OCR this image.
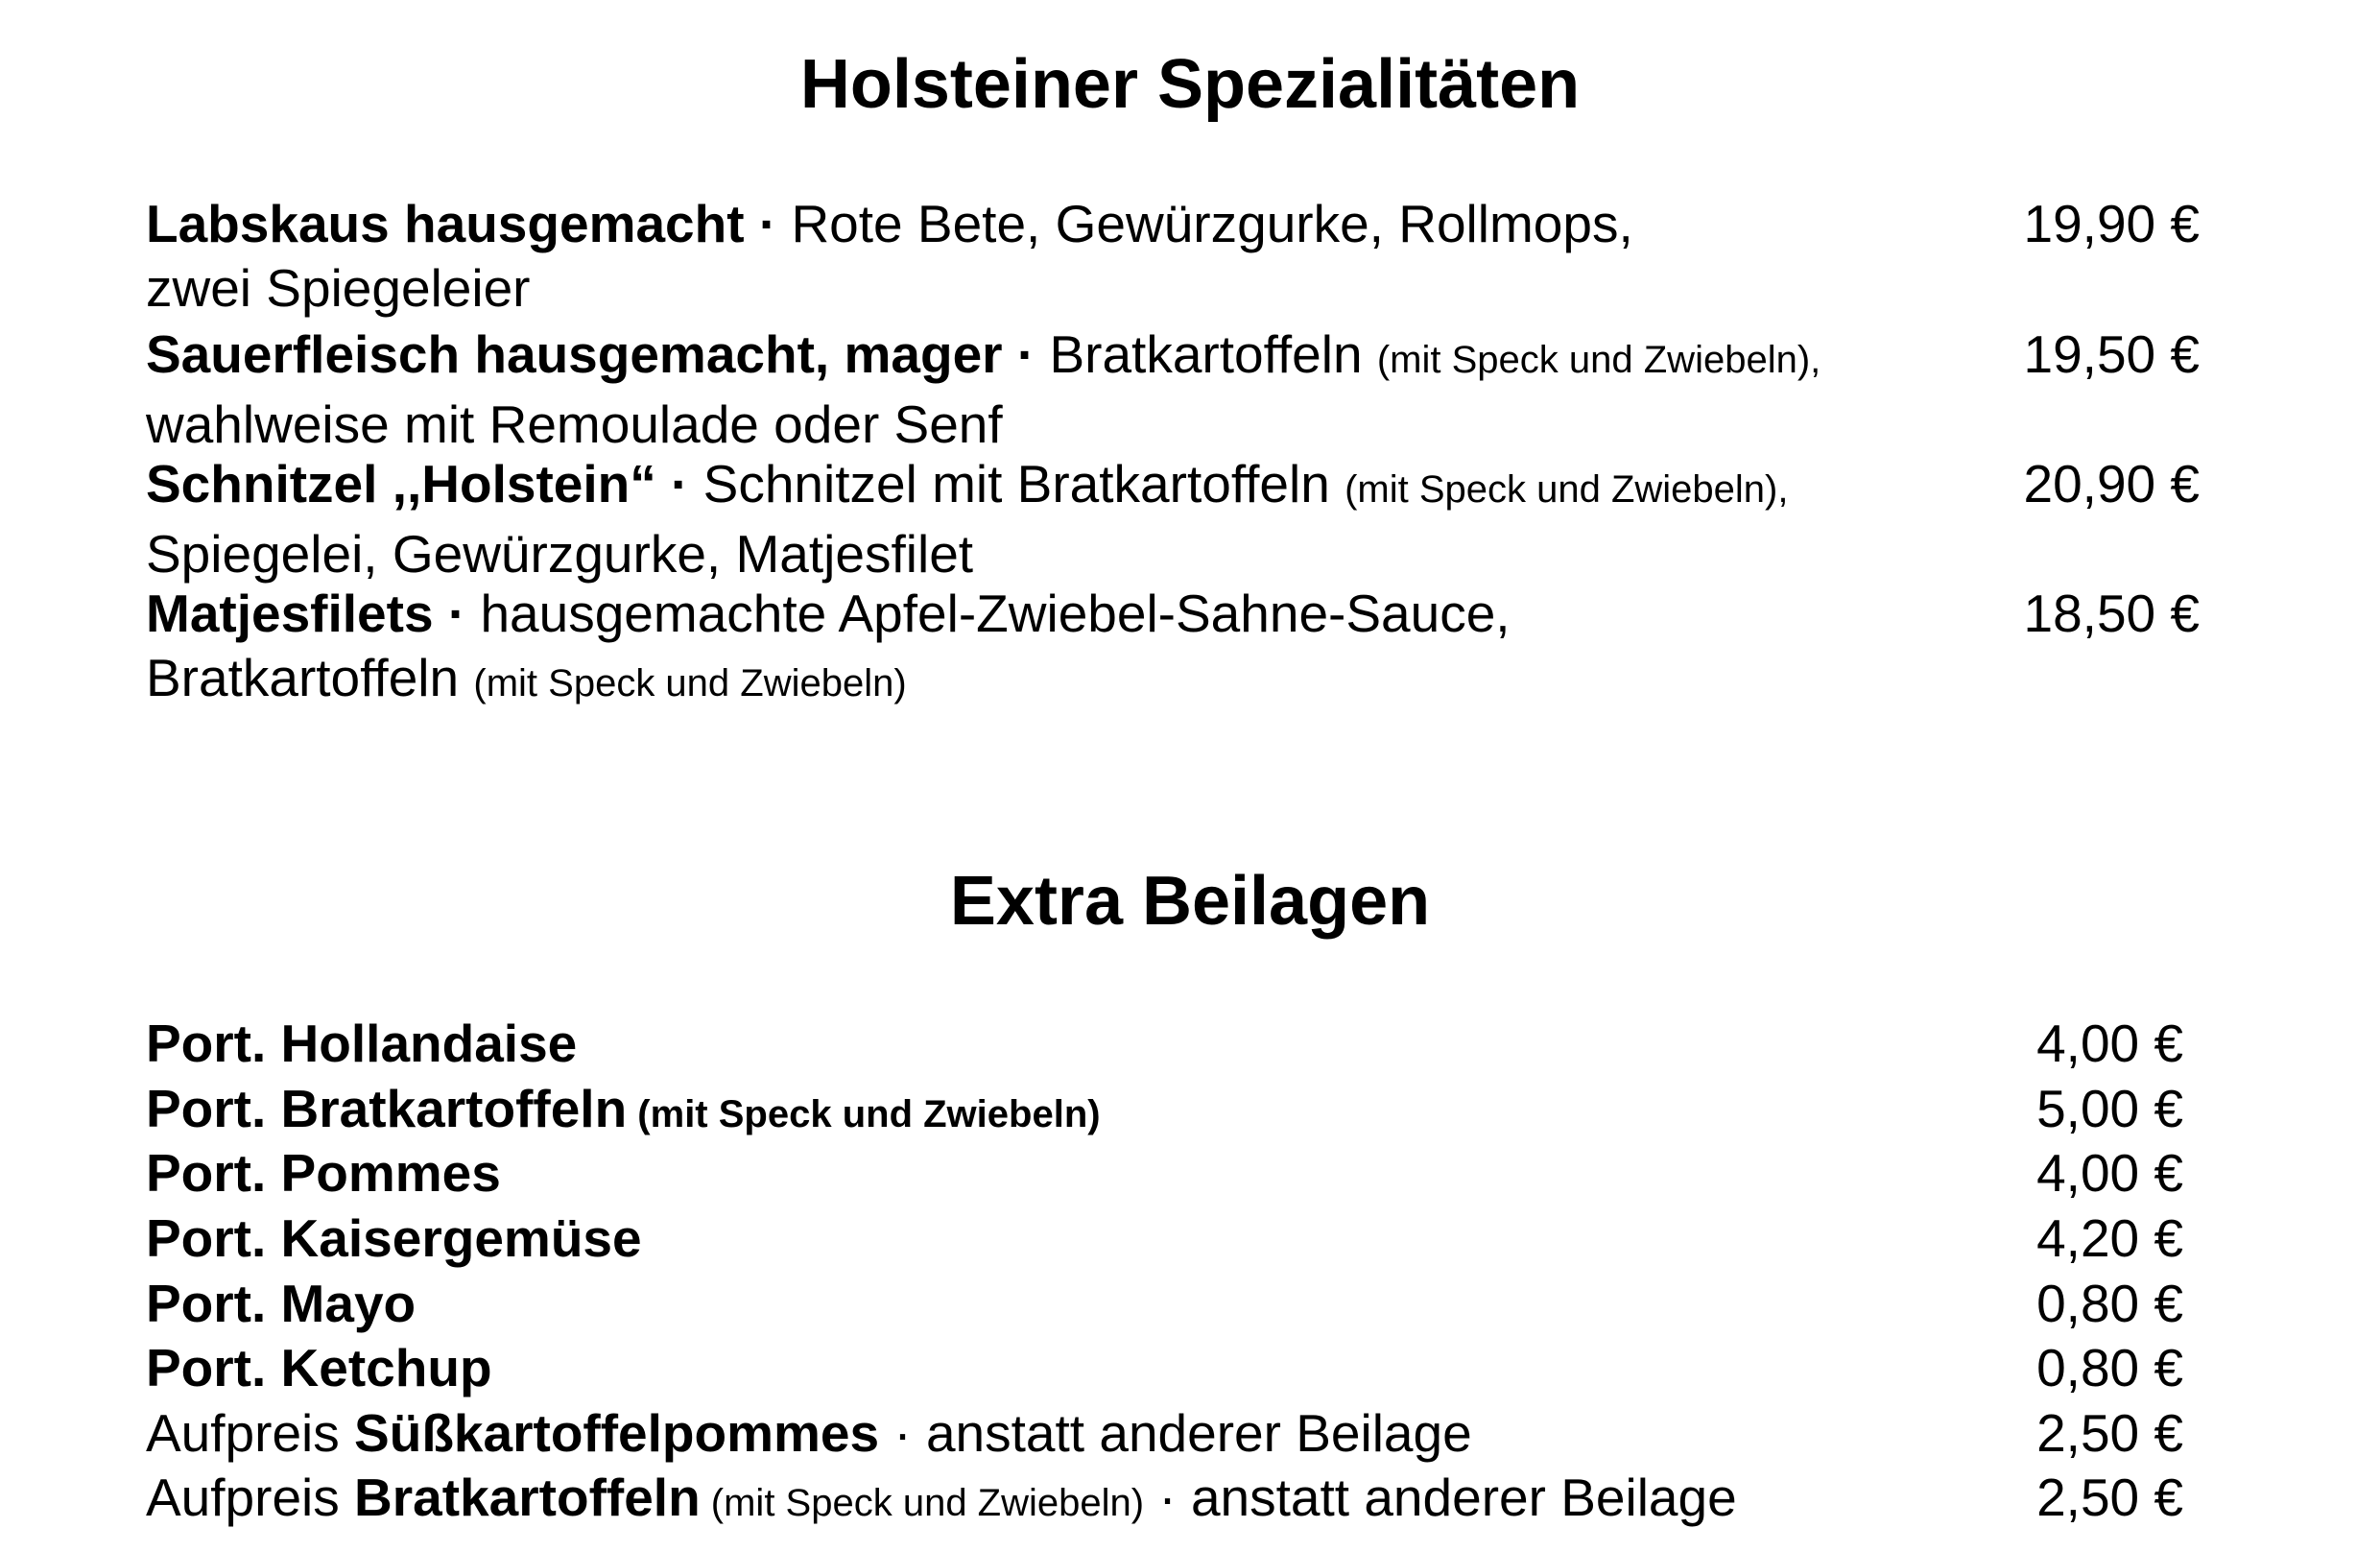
Holsteiner Spezialitäten
Labskaus hausgemacht · Rote Bete, Gewürzgurke, Rollmops,
zwei Spiegeleier
19,90 €
Sauerfleisch hausgemacht, mager · Bratkartoffeln (mit Speck und Zwiebeln),
wahlweise mit Remoulade oder Senf
19,50 €
Schnitzel ,,Holstein“ · Schnitzel mit Bratkartoffeln (mit Speck und Zwiebeln),
Spiegelei, Gewürzgurke, Matjesfilet
20,90 €
Matjesfilets · hausgemachte Apfel-Zwiebel-Sahne-Sauce,
Bratkartoffeln (mit Speck und Zwiebeln)
18,50 €
Extra Beilagen
Port. Hollandaise	4,00 €
Port. Bratkartoffeln (mit Speck und Zwiebeln)	5,00 €
Port. Pommes	4,00 €
Port. Kaisergemüse	4,20 €
Port. Mayo	0,80 €
Port. Ketchup	0,80 €
Aufpreis Süßkartoffelpommes · anstatt anderer Beilage	2,50 €
Aufpreis Bratkartoffeln (mit Speck und Zwiebeln) · anstatt anderer Beilage	2,50 €
